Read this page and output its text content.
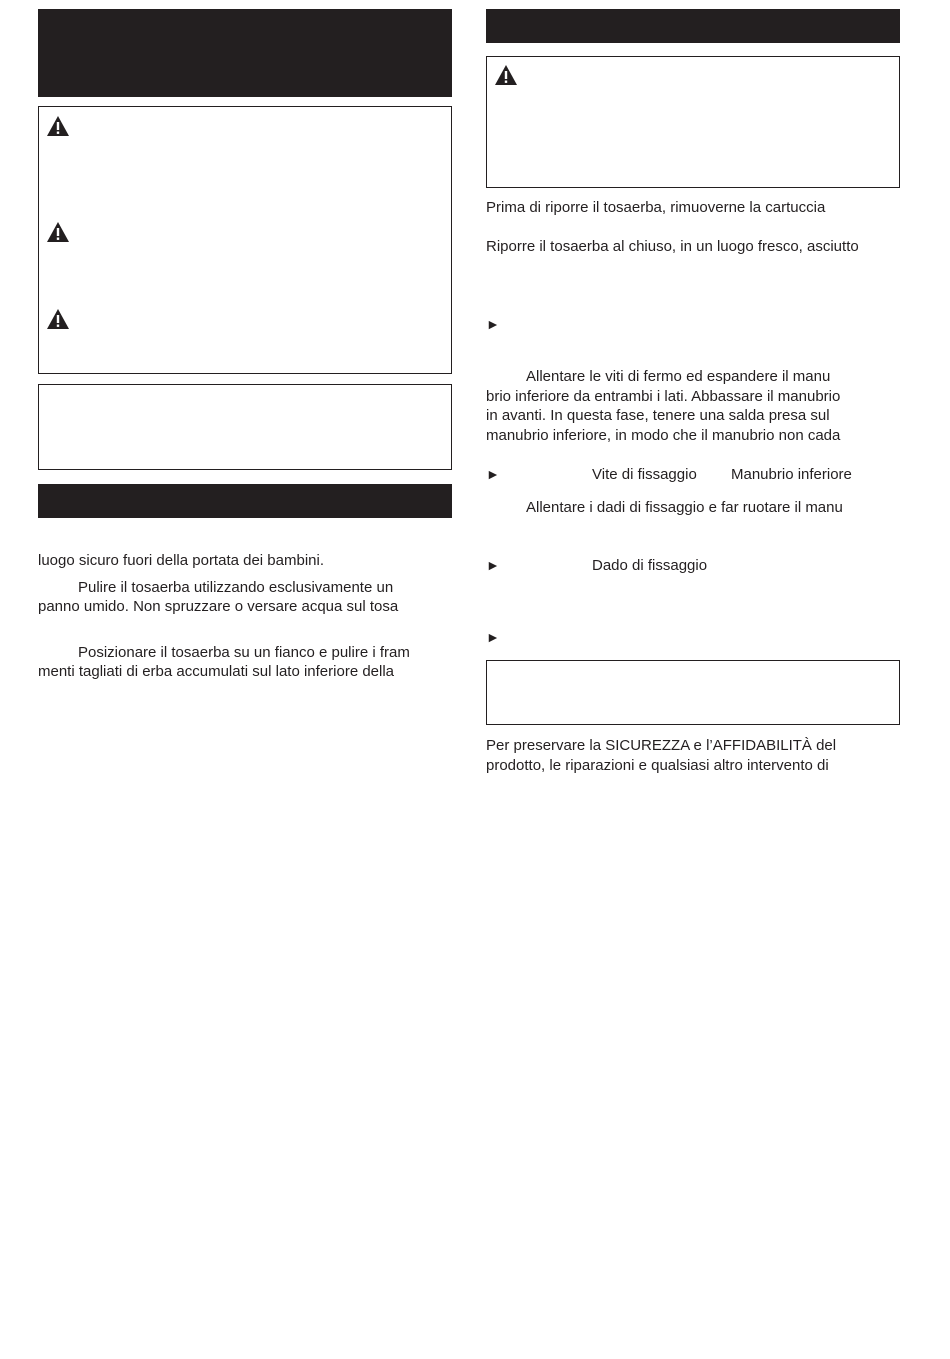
luogo sicuro fuori della portata dei bambini.
Pulire il tosaerba utilizzando esclusivamente un
panno umido. Non spruzzare o versare acqua sul tosa
Posizionare il tosaerba su un fianco e pulire i fram
menti tagliati di erba accumulati sul lato inferiore della
Prima di riporre il tosaerba, rimuoverne la cartuccia
Riporre il tosaerba al chiuso, in un luogo fresco, asciutto
►
Allentare le viti di fermo ed espandere il manu
brio inferiore da entrambi i lati. Abbassare il manubrio
in avanti. In questa fase, tenere una salda presa sul
manubrio inferiore, in modo che il manubrio non cada
►	Vite di fissaggio Manubrio inferiore
Allentare i dadi di fissaggio e far ruotare il manu
►	Dado di fissaggio
►
Per preservare la SICUREZZA e l’AFFIDABILITÀ del
prodotto, le riparazioni e qualsiasi altro intervento di
